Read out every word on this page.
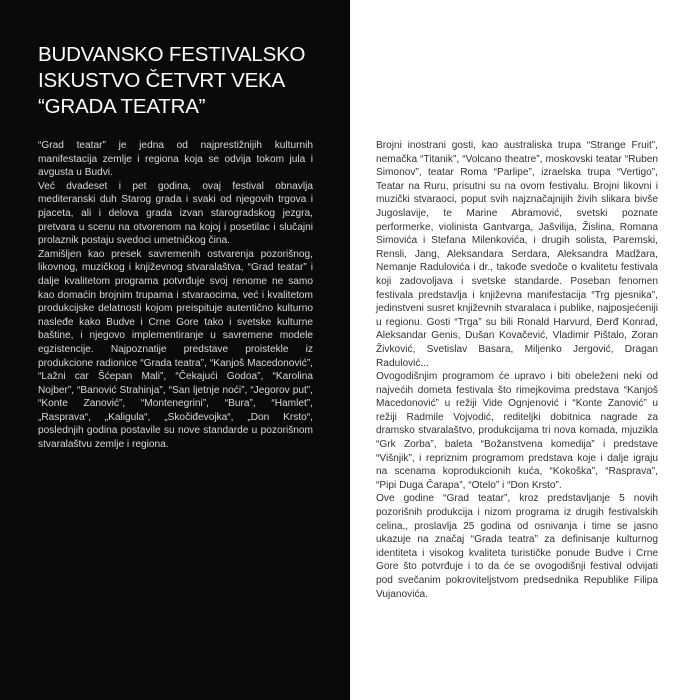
BUDVANSKO FESTIVALSKO
ISKUSTVO ČETVRT VEKA
“GRADA TEATRA”

“Grad teatar” je jedna od najprestižnijih kulturnih manifestacija zemlje i regiona koja se odvija tokom jula i avgusta u Budvi.

Već dvadeset i pet godina, ovaj festival obnavlja mediteranski duh Starog grada i svaki od njegovih trgova i pjaceta, ali i delova grada izvan starogradskog jezgra, pretvara u scenu na otvorenom na kojoj i posetilac i slučajni prolaznik postaju svedoci umetničkog čina.

Zamišljen kao presek savremenih ostvarenja pozorišnog, likovnog, muzičkog i književnog stvaralaštva, “Grad teatar” i dalje kvalitetom programa potvrđuje svoj renome ne samo kao domaćin brojnim trupama i stvaraocima, već i kvalitetom produkcijske delatnosti kojom preispituje autentično kulturno nasleđe kako Budve i Crne Gore tako i svetske kulturne baštine, i njegovo implementiranje u savremene modele egzistencije. Najpoznatije predstave proistekle iz produkcione radionice “Grada teatra”, “Kanjoš Macedonović”, “Lažni car Šćepan Mali”, “Čekajući Godoa”, “Karolina Nojber”, “Banović Strahinja”, “San ljetnje noći”, “Jegorov put”, “Konte Zanović”, “Montenegrini”, “Bura”, “Hamlet”, „Rasprava“, „Kaligula“, „Skočiđevojka“, „Don Krsto“, poslednjih godina postavile su nove standarde u pozorišnom stvaralaštvu zemlje i regiona.

Brojni inostrani gosti, kao australiska trupa “Strange Fruit”, nemačka “Titanik”, “Volcano theatre”, moskovski teatar “Ruben Simonov”, teatar Roma “Parlipe”, izraelska trupa “Vertigo”, Teatar na Ruru, prisutni su na ovom festivalu. Brojni likovni i muzički stvaraoci, poput svih najznačajnijih živih slikara bivše Jugoslavije, te Marine Abramović, svetski poznate performerke, violinista Gantvarga, Jašvilija, Žislina, Romana Simovića i Stefana Milenkovića, i drugih solista, Paremski, Rensli, Jang, Aleksandara Serdara, Aleksandra Madžara, Nemanje Radulovića i dr., takođe svedoče o kvalitetu festivala koji zadovoljava i svetske standarde. Poseban fenomen festivala predstavlja i književna manifestacija “Trg pjesnika”, jedinstveni susret književnih stvaralaca i publike, najposjećeniji u regionu. Gosti “Trga” su bili Ronald Harvurd, Đerđ Konrad, Aleksandar Genis, Dušan Kovačević, Vladimir Pištalo, Zoran Živković, Svetislav Basara, Miljenko Jergović, Dragan Radulović...

Ovogodišnjim programom će upravo i biti obeleženi neki od najvećih dometa festivala što rimejkovima predstava “Kanjoš Macedonović” u režiji Vide Ognjenović i “Konte Zanović” u režiji Radmile Vojvodić, rediteljki dobitnica nagrade za dramsko stvaralaštvo, produkcijama tri nova komada, mjuzikla “Grk Zorba”, baleta “Božanstvena komedija” i predstave “Višnjik”, i repriznim programom predstava koje i dalje igraju na scenama koprodukcionih kuća, “Kokoška”, “Rasprava”, “Pipi Duga Čarapa”, “Otelo” i “Don Krsto”.

Ove godine “Grad teatar”, kroz predstavljanje 5 novih pozorišnih produkcija i nizom programa iz drugih festivalskih celina,, proslavlja 25 godina od osnivanja i time se jasno ukazuje na značaj “Grada teatra” za definisanje kulturnog identiteta i visokog kvaliteta turističke ponude Budve i Crne Gore što potvrđuje i to da će se ovogodišnji festival odvijati pod svečanim pokroviteljstvom predsednika Republike Filipa Vujanovića.
